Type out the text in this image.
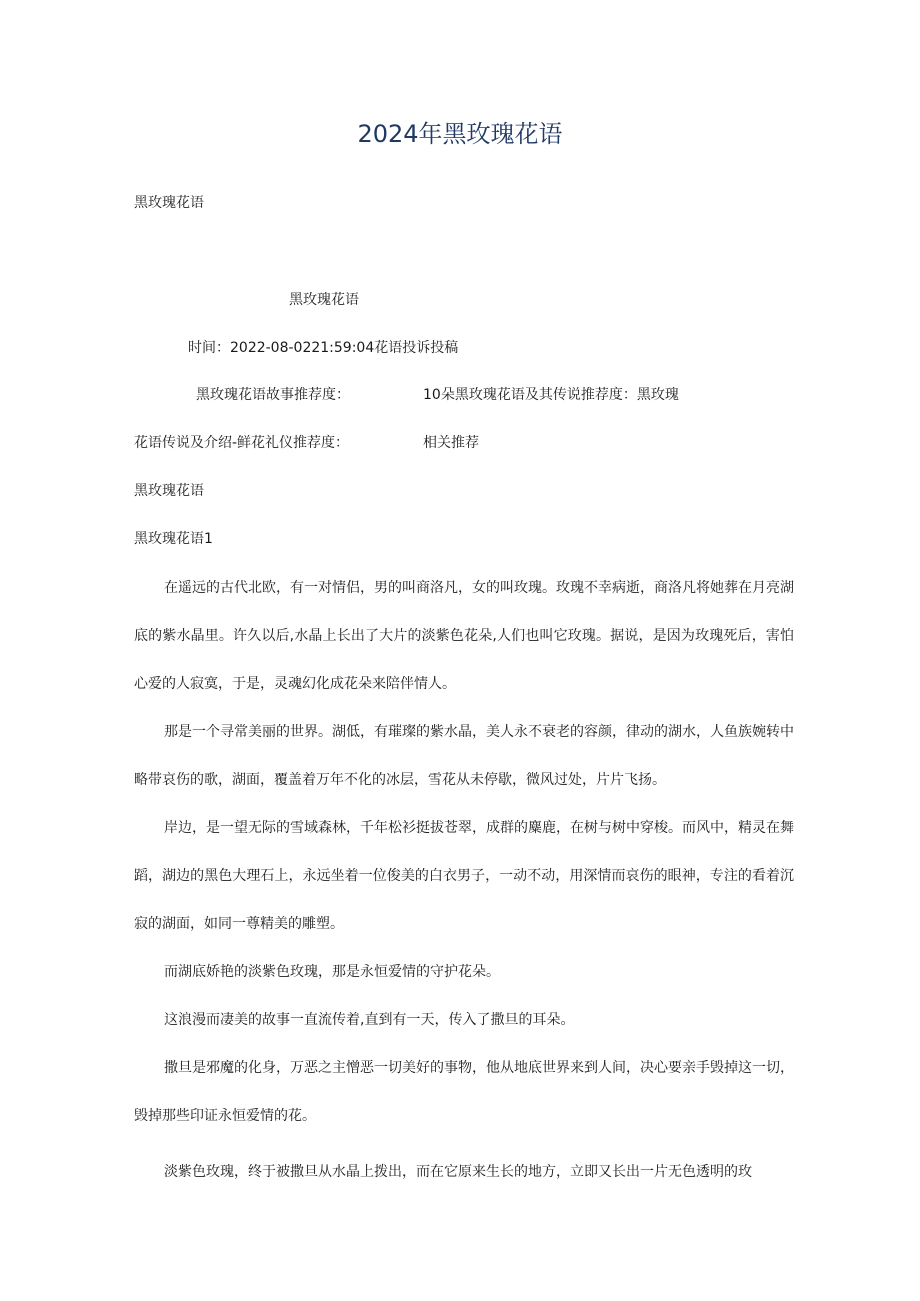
2024年黑玫瑰花语
黑玫瑰花语
黑玫瑰花语
时间：2022-08-0221:59:04花语投诉投稿
黑玫瑰花语故事推荐度：	10朵黑玫瑰花语及其传说推荐度：黑玫瑰
花语传说及介绍-鲜花礼仪推荐度：	相关推荐
黑玫瑰花语
黑玫瑰花语1
在遥远的古代北欧，有一对情侣，男的叫商洛凡，女的叫玫瑰。玫瑰不幸病逝，商洛凡将她葬在月亮湖底的紫水晶里。许久以后,水晶上长出了大片的淡紫色花朵,人们也叫它玫瑰。据说，是因为玫瑰死后，害怕心爱的人寂寞，于是，灵魂幻化成花朵来陪伴情人。
那是一个寻常美丽的世界。湖低，有璀璨的紫水晶，美人永不衰老的容颜，律动的湖水，人鱼族婉转中略带哀伤的歌，湖面，覆盖着万年不化的冰层，雪花从未停歇，微风过处，片片飞扬。
岸边，是一望无际的雪域森林，千年松衫挺拔苍翠，成群的麋鹿，在树与树中穿梭。而风中，精灵在舞蹈，湖边的黑色大理石上，永远坐着一位俊美的白衣男子，一动不动，用深情而哀伤的眼神，专注的看着沉寂的湖面，如同一尊精美的雕塑。
而湖底娇艳的淡紫色玫瑰，那是永恒爱情的守护花朵。
这浪漫而凄美的故事一直流传着,直到有一天，传入了撒旦的耳朵。
撒旦是邪魔的化身，万恶之主憎恶一切美好的事物，他从地底世界来到人间，决心要亲手毁掉这一切，毁掉那些印证永恒爱情的花。
淡紫色玫瑰，终于被撒旦从水晶上拨出，而在它原来生长的地方，立即又长出一片无色透明的玫
